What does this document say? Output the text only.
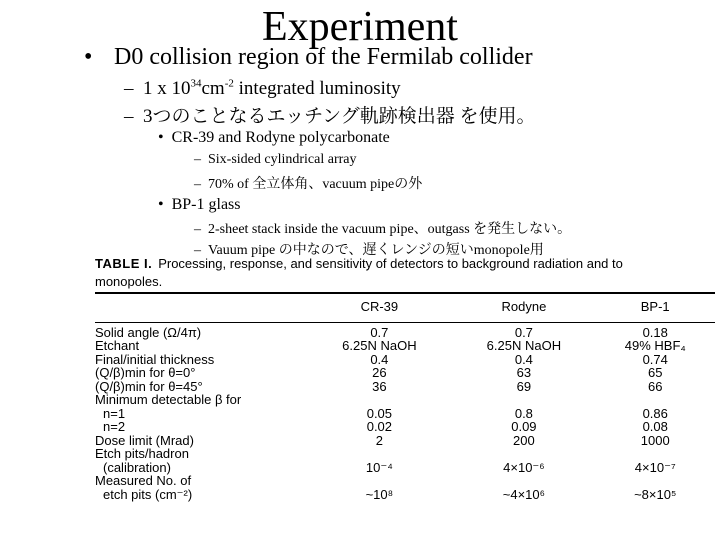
Experiment
• D0 collision region of the Fermilab collider
– 1 x $10^{34}cm^{-2}$ integrated luminosity
– 3つのことなるエッチング軌跡検出器 を使用。
• CR-39 and Rodyne polycarbonate
– Six-sided cylindrical array
– 70% of 全立体角、vacuum pipeの外
• BP-1 glass
– 2-sheet stack inside the vacuum pipe、outgass を発生しない。
– Vauum pipe の中なので、遅くレンジの短いmonopole用
TABLE I. Processing, response, and sensitivity of detectors to background radiation and to
monopoles.
	CR-39	Rodyne	BP-1

Solid angle (Ω/4π)	0.7	0.7	0.18
Etchant	6.25N NaOH	6.25N NaOH	49% HBF₄
Final/initial thickness	0.4	0.4	0.74
(Q/β)min for θ=0°	26	63	65
(Q/β)min for θ=45°	36	69	66
Minimum detectable β for			
n=1	0.05	0.8	0.86
n=2	0.02	0.09	0.08
Dose limit (Mrad)	2	200	1000
Etch pits/hadron			
(calibration)	10⁻⁴	4×10⁻⁶	4×10⁻⁷
Measured No. of			
etch pits (cm⁻²)	~10⁸	~4×10⁶	~8×10⁵
